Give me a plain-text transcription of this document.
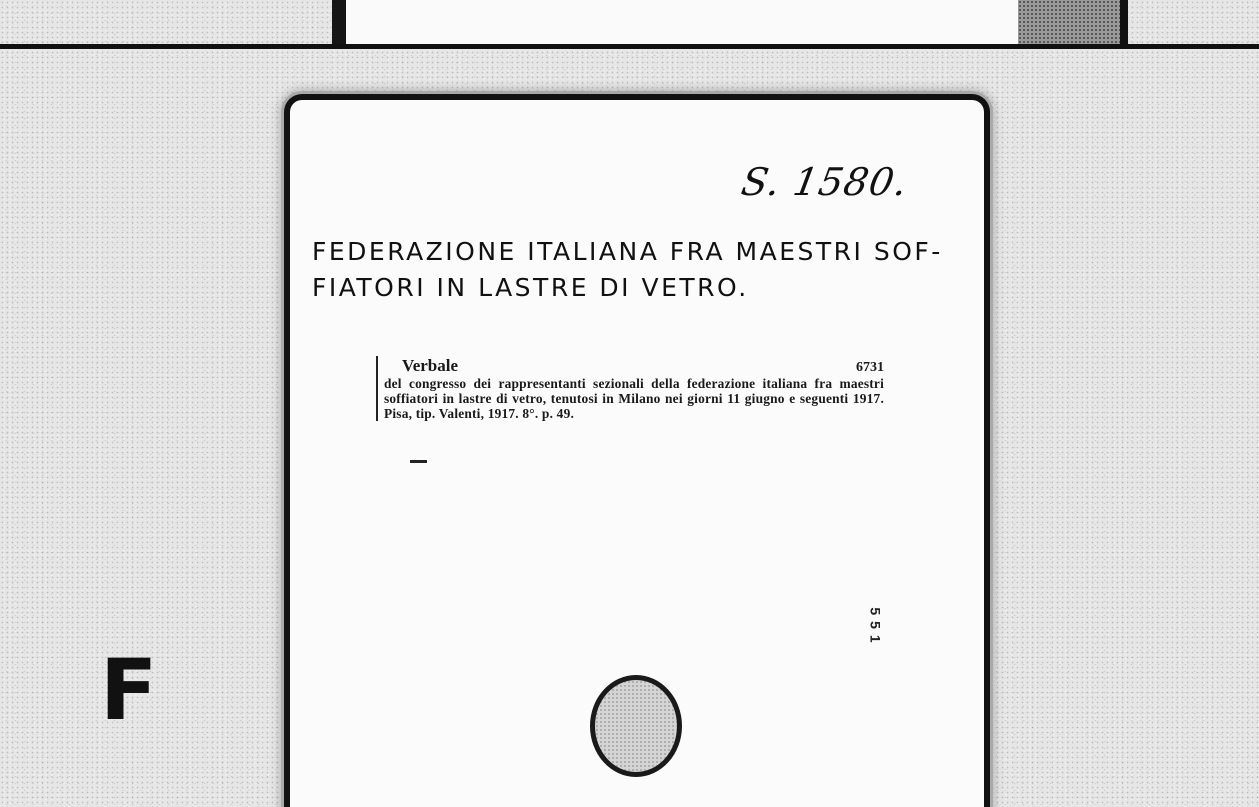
S. 1580.
FEDERAZIONE ITALIANA FRA MAESTRI SOF-
FIATORI IN LASTRE DI VETRO.
Verbale	6731
del congresso dei rappresentanti sezionali della federazione italiana fra maestri soffiatori in lastre di vetro, tenutosi in Milano nei giorni 11 giugno e seguenti 1917. Pisa, tip. Valenti, 1917. 8°. p. 49.
551
F
